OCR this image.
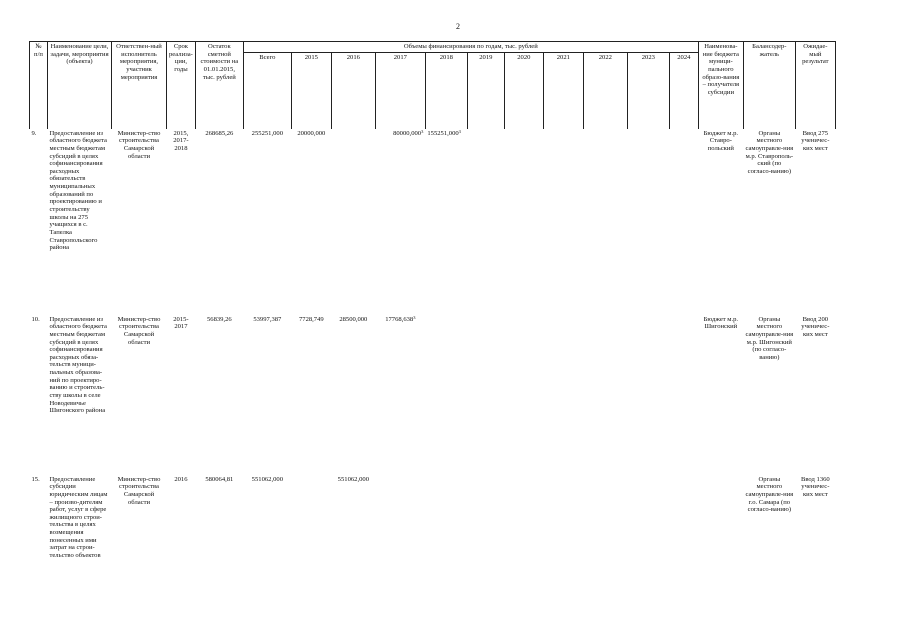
2
№ п/п	Наименование цели, задачи, мероприятия (объекта)	Ответствен-ный исполнитель мероприятия, участник мероприятия	Срок реализа-ции, годы	Остаток сметной стоимости на 01.01.2015, тыс. рублей	Объемы финансирования по годам, тыс. рублей											Наименова-ние бюджета муници-пального образо-вания – получателя субсидии	Балансодер-жатель	Ожидае-мый результат
					Всего	2015	2016	2017	2018	2019	2020	2021	2022	2023	2024			
9.	Предоставление из областного бюджета местным бюджетам субсидий в целях софинансирования расходных обязательств муниципальных образований по проектированию и строительству школы на 275 учащихся в с. Тапелка Ставропольского района	Министер-ство строительства Самарской области	2015, 2017-2018	268685,26	255251,000	20000,000		80000,000$^3$	155251,000$^3$							Бюджет м.р. Ставро-польский	Органы местного самоуправле-ния м.р. Ставрополь-ский (по согласо-ванию)	Ввод 275 ученичес-ких мест
10.	Предоставление из областного бюджета местным бюджетам субсидий в целях софинансирования расходных обяза-тельств муници-пальных образова-ний по проектиро-ванию и строитель-ству школы в селе Новодевичье Шигонского района	Министер-ство строительства Самарской области	2015-2017	56839,26	53997,387	7728,749	28500,000	17768,638$^3$								Бюджет м.р. Шигонский	Органы местного самоуправле-ния м.р. Шигонский (по согласо-ванию)	Ввод 200 ученичес-ких мест
15.	Предоставление субсидии юридическим лицам – произво-дителям работ, услуг в сфере жилищного строи-тельства в целях возмещения понесенных ими затрат на строи-тельство объектов	Министер-ство строительства Самарской области	2016	580064,81	551062,000		551062,000										Органы местного самоуправле-ния г.о. Самара (по согласо-ванию)	Ввод 1360 ученичес-ких мест
